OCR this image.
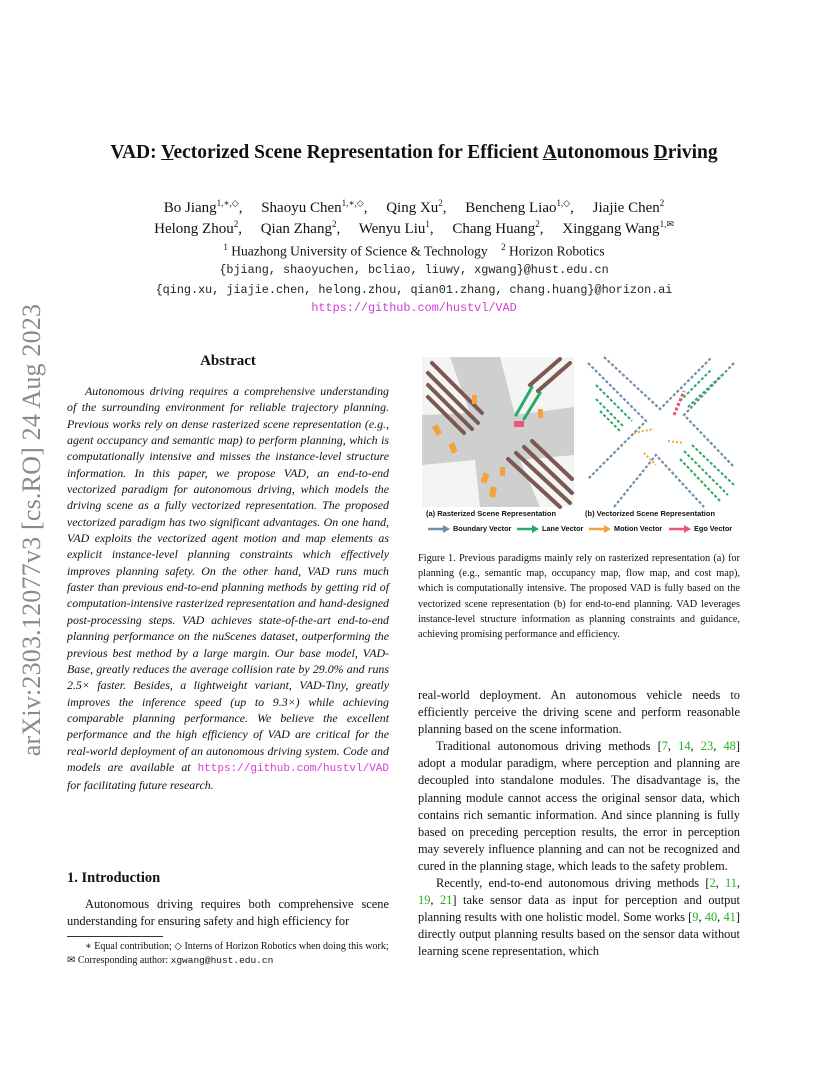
arXiv:2303.12077v3 [cs.RO] 24 Aug 2023
VAD: Vectorized Scene Representation for Efficient Autonomous Driving
Bo Jiang$^{1,∗,◇}$,  Shaoyu Chen$^{1,∗,◇}$,  Qing Xu$^2$,  Bencheng Liao$^{1,◇}$,  Jiajie Chen$^2$
Helong Zhou$^2$,  Qian Zhang$^2$,  Wenyu Liu$^1$,  Chang Huang$^2$,  Xinggang Wang$^{1,✉}$
$^1$ Huazhong University of Science & Technology $^2$ Horizon Robotics
{bjiang, shaoyuchen, bcliao, liuwy, xgwang}@hust.edu.cn
{qing.xu, jiajie.chen, helong.zhou, qian01.zhang, chang.huang}@horizon.ai
https://github.com/hustvl/VAD
Abstract
Autonomous driving requires a comprehensive understanding of the surrounding environment for reliable trajectory planning. Previous works rely on dense rasterized scene representation (e.g., agent occupancy and semantic map) to perform planning, which is computationally intensive and misses the instance-level structure information. In this paper, we propose VAD, an end-to-end vectorized paradigm for autonomous driving, which models the driving scene as a fully vectorized representation. The proposed vectorized paradigm has two significant advantages. On one hand, VAD exploits the vectorized agent motion and map elements as explicit instance-level planning constraints which effectively improves planning safety. On the other hand, VAD runs much faster than previous end-to-end planning methods by getting rid of computation-intensive rasterized representation and hand-designed post-processing steps. VAD achieves state-of-the-art end-to-end planning performance on the nuScenes dataset, outperforming the previous best method by a large margin. Our base model, VAD-Base, greatly reduces the average collision rate by 29.0% and runs 2.5× faster. Besides, a lightweight variant, VAD-Tiny, greatly improves the inference speed (up to 9.3×) while achieving comparable planning performance. We believe the excellent performance and the high efficiency of VAD are critical for the real-world deployment of an autonomous driving system. Code and models are available at https://github.com/hustvl/VAD for facilitating future research.
1. Introduction
Autonomous driving requires both comprehensive scene understanding for ensuring safety and high efficiency for
∗ Equal contribution; ◇ Interns of Horizon Robotics when doing this work; ✉ Corresponding author: xgwang@hust.edu.cn
(a) Rasterized Scene Representation	(b) Vectorized Scene Representation
Boundary Vector	Lane Vector	Motion Vector	Ego Vector
Figure 1. Previous paradigms mainly rely on rasterized representation (a) for planning (e.g., semantic map, occupancy map, flow map, and cost map), which is computationally intensive. The proposed VAD is fully based on the vectorized scene representation (b) for end-to-end planning. VAD leverages instance-level structure information as planning constraints and guidance, achieving promising performance and efficiency.

real-world deployment. An autonomous vehicle needs to efficiently perceive the driving scene and perform reasonable planning based on the scene information.

Traditional autonomous driving methods [7, 14, 23, 48] adopt a modular paradigm, where perception and planning are decoupled into standalone modules. The disadvantage is, the planning module cannot access the original sensor data, which contains rich semantic information. And since planning is fully based on preceding perception results, the error in perception may severely influence planning and can not be recognized and cured in the planning stage, which leads to the safety problem.

Recently, end-to-end autonomous driving methods [2, 11, 19, 21] take sensor data as input for perception and output planning results with one holistic model. Some works [9, 40, 41] directly output planning results based on the sensor data without learning scene representation, which
